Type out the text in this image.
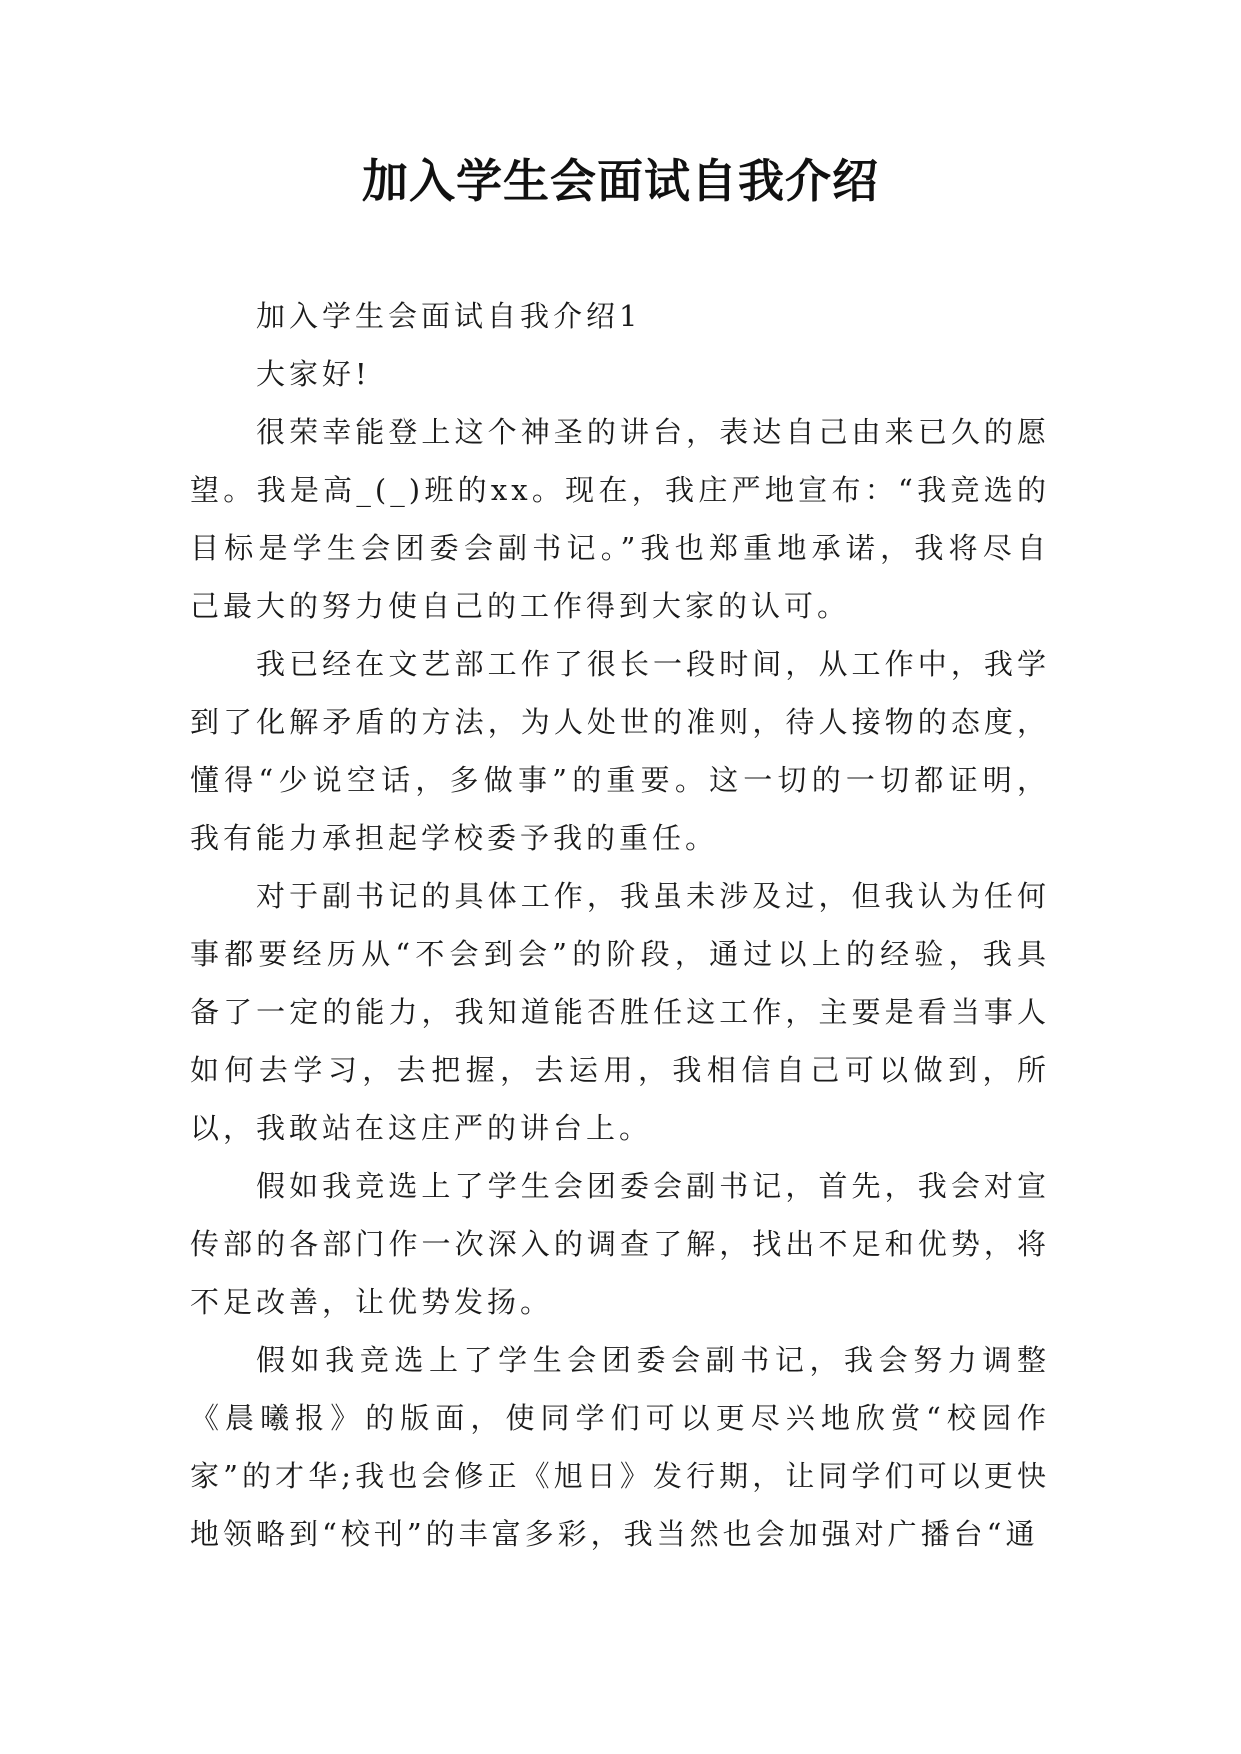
加入学生会面试自我介绍

加入学生会面试自我介绍1

大家好!

很荣幸能登上这个神圣的讲台，表达自己由来已久的愿望。我是高_(_)班的xx。现在，我庄严地宣布：“我竞选的目标是学生会团委会副书记。”我也郑重地承诺，我将尽自己最大的努力使自己的工作得到大家的认可。

我已经在文艺部工作了很长一段时间，从工作中，我学到了化解矛盾的方法，为人处世的准则，待人接物的态度，懂得“少说空话，多做事”的重要。这一切的一切都证明，我有能力承担起学校委予我的重任。

对于副书记的具体工作，我虽未涉及过，但我认为任何事都要经历从“不会到会”的阶段，通过以上的经验，我具备了一定的能力，我知道能否胜任这工作，主要是看当事人如何去学习，去把握，去运用，我相信自己可以做到，所以，我敢站在这庄严的讲台上。

假如我竞选上了学生会团委会副书记，首先，我会对宣传部的各部门作一次深入的调查了解，找出不足和优势，将不足改善，让优势发扬。

假如我竞选上了学生会团委会副书记，我会努力调整《晨曦报》的版面，使同学们可以更尽兴地欣赏“校园作家”的才华;我也会修正《旭日》发行期，让同学们可以更快地领略到“校刊”的丰富多彩，我当然也会加强对广播台“通
